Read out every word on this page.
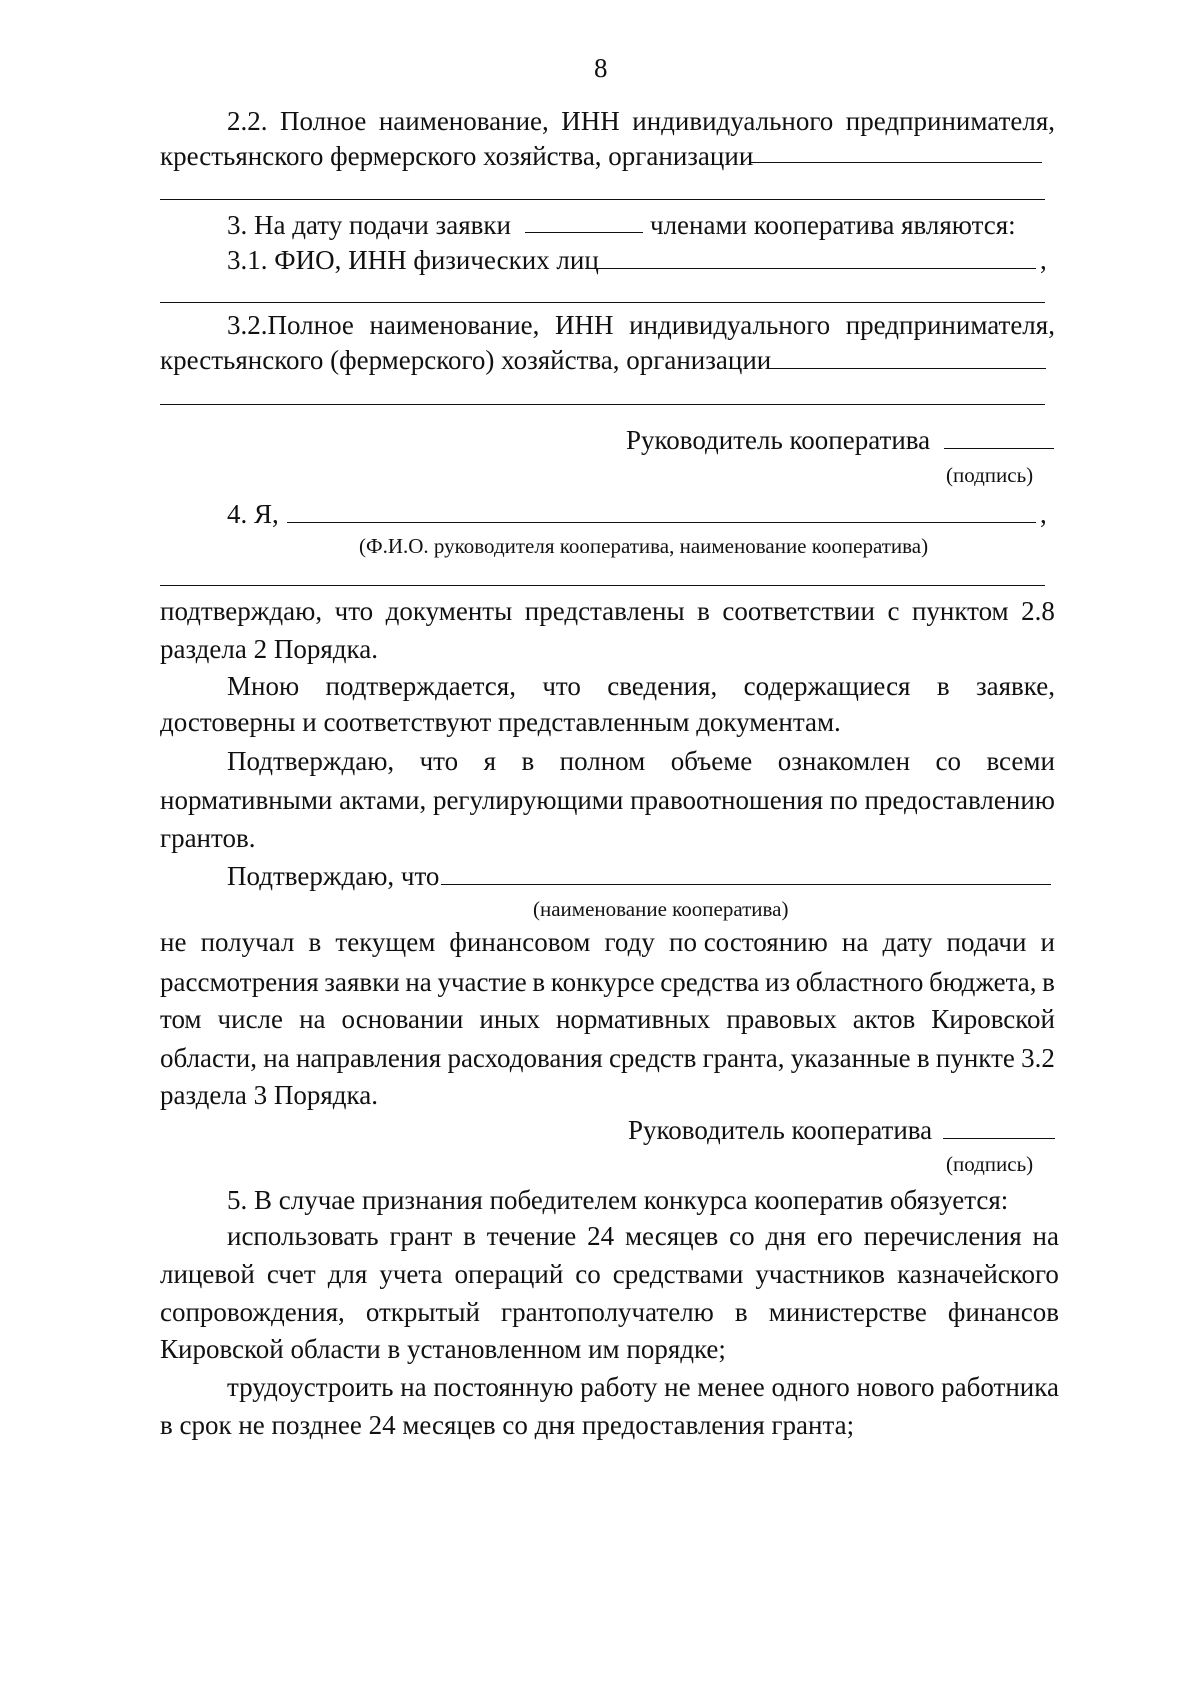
8
2.2. Полное наименование, ИНН индивидуального предпринимателя,
крестьянского фермерского хозяйства, организации
3. На дату подачи заявки	членами кооператива являются:
3.1. ФИО, ИНН физических лиц	,
3.2.Полное наименование, ИНН индивидуального предпринимателя,
крестьянского (фермерского) хозяйства, организации
Руководитель кооператива
(подпись)
4. Я,	,
(Ф.И.О. руководителя кооператива, наименование кооператива)
подтверждаю, что документы представлены в соответствии с пунктом 2.8
раздела 2 Порядка.
Мною подтверждается, что сведения, содержащиеся в заявке,
достоверны и соответствуют представленным документам.
Подтверждаю, что я в полном объеме ознакомлен со всеми
нормативными актами, регулирующими правоотношения по предоставлению
грантов.
Подтверждаю, что
(наименование кооператива)
не получал в текущем финансовом году по состоянию на дату подачи и
рассмотрения заявки на участие в конкурсе средства из областного бюджета, в
том числе на основании иных нормативных правовых актов Кировской
области, на направления расходования средств гранта, указанные в пункте 3.2
раздела 3 Порядка.
Руководитель кооператива
(подпись)
5. В случае признания победителем конкурса кооператив обязуется:
использовать грант в течение 24 месяцев со дня его перечисления на
лицевой счет для учета операций со средствами участников казначейского
сопровождения, открытый грантополучателю в министерстве финансов
Кировской области в установленном им порядке;
трудоустроить на постоянную работу не менее одного нового работника
в срок не позднее 24 месяцев со дня предоставления гранта;
